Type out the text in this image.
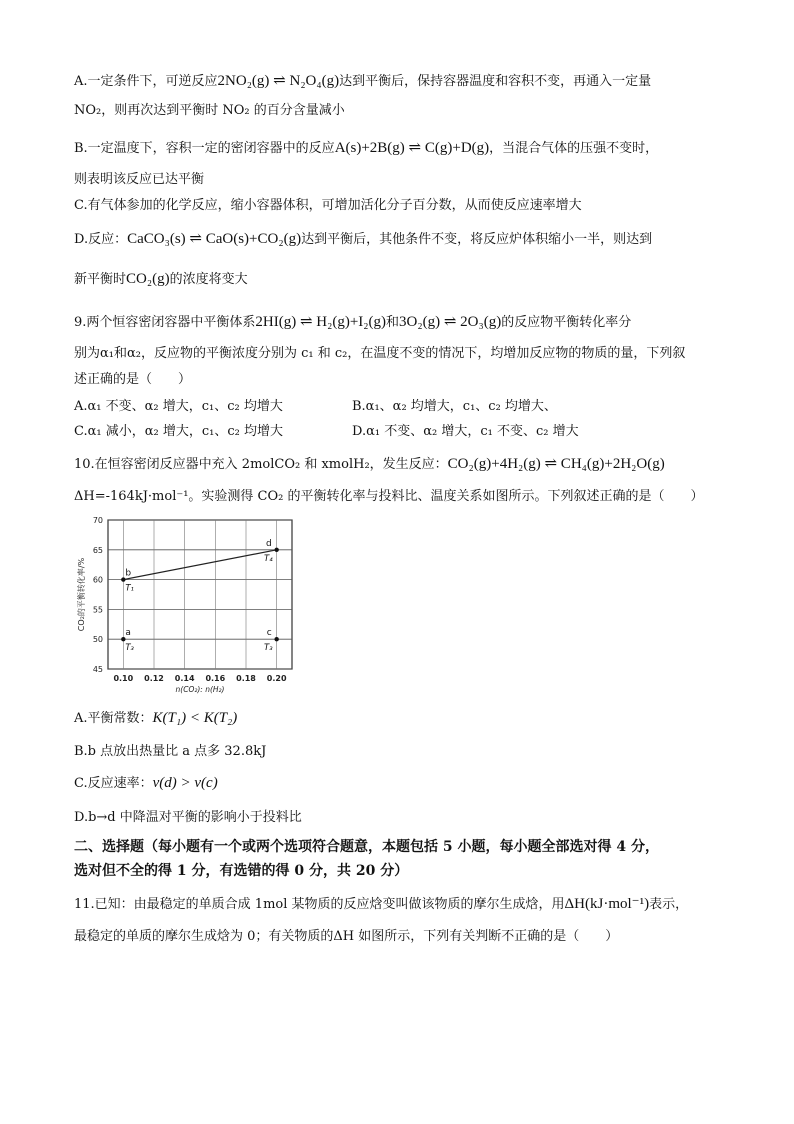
A.一定条件下，可逆反应2NO₂(g) ⇌ N₂O₄(g)达到平衡后，保持容器温度和容积不变，再通入一定量
NO₂，则再次达到平衡时 NO₂ 的百分含量减小
B.一定温度下，容积一定的密闭容器中的反应A(s)+2B(g) ⇌ C(g)+D(g)，当混合气体的压强不变时，
则表明该反应已达平衡
C.有气体参加的化学反应，缩小容器体积，可增加活化分子百分数，从而使反应速率增大
D.反应：CaCO₃(s) ⇌ CaO(s)+CO₂(g)达到平衡后，其他条件不变，将反应炉体积缩小一半，则达到
新平衡时CO₂(g)的浓度将变大
9.两个恒容密闭容器中平衡体系2HI(g) ⇌ H₂(g)+I₂(g)和3O₂(g) ⇌ 2O₃(g)的反应物平衡转化率分
别为α₁和α₂，反应物的平衡浓度分别为 c₁ 和 c₂，在温度不变的情况下，均增加反应物的物质的量，下列叙
述正确的是（　　）
A.α₁ 不变、α₂ 增大，c₁、c₂ 均增大	B.α₁、α₂ 均增大，c₁、c₂ 均增大、
C.α₁ 减小，α₂ 增大，c₁、c₂ 均增大	D.α₁ 不变、α₂ 增大，c₁ 不变、c₂ 增大
10.在恒容密闭反应器中充入 2molCO₂ 和 xmolH₂，发生反应：CO₂(g)+4H₂(g) ⇌ CH₄(g)+2H₂O(g)
ΔH=-164kJ·mol⁻¹。实验测得 CO₂ 的平衡转化率与投料比、温度关系如图所示。下列叙述正确的是（　　）
45
50
55
60
65
70
0.10 0.12 0.14 0.16 0.18 0.20
n(CO₂): n(H₂)
CO₂的平衡转化率/%
a
T₃
b
T₁
c
T₃
d
T₄
A.平衡常数：K(T₁) < K(T₂)
B.b 点放出热量比 a 点多 32.8kJ
C.反应速率：v(d) > v(c)
D.b→d 中降温对平衡的影响小于投料比
二、选择题（每小题有一个或两个选项符合题意，本题包括 5 小题，每小题全部选对得 4 分，
选对但不全的得 1 分，有选错的得 0 分，共 20 分）
11.已知：由最稳定的单质合成 1mol 某物质的反应焓变叫做该物质的摩尔生成焓，用ΔH(kJ·mol⁻¹)表示，
最稳定的单质的摩尔生成焓为 0；有关物质的ΔH 如图所示，下列有关判断不正确的是（　　）
